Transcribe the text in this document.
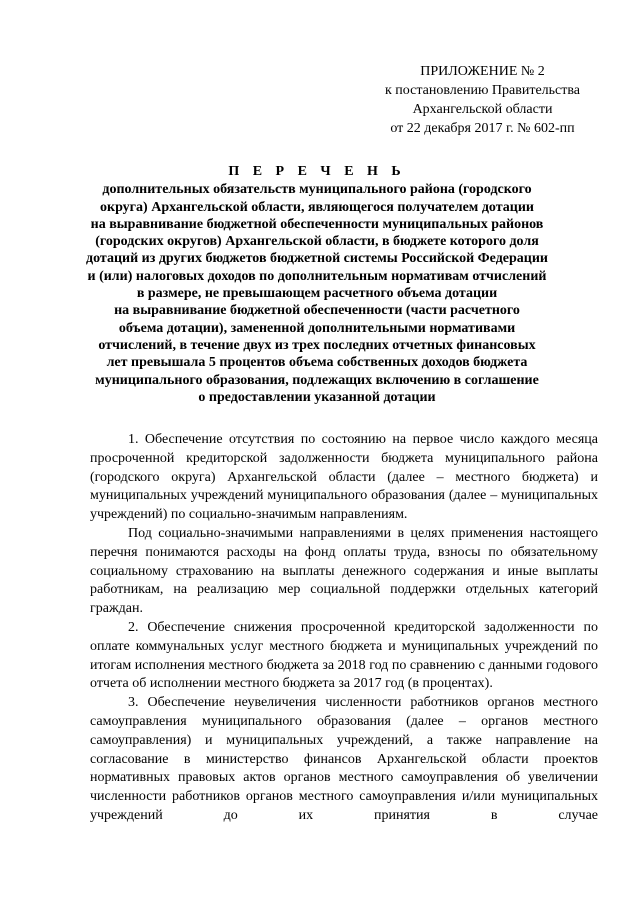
ПРИЛОЖЕНИЕ № 2
к постановлению Правительства
Архангельской области
от 22 декабря 2017 г. № 602-пп
П Е Р Е Ч Е Н Ь
дополнительных обязательств муниципального района (городского
округа) Архангельской области, являющегося получателем дотации
на выравнивание бюджетной обеспеченности муниципальных районов
(городских округов) Архангельской области, в бюджете которого доля
дотаций из других бюджетов бюджетной системы Российской Федерации
и (или) налоговых доходов по дополнительным нормативам отчислений
в размере, не превышающем расчетного объема дотации
на выравнивание бюджетной обеспеченности (части расчетного
объема дотации), замененной дополнительными нормативами
отчислений, в течение двух из трех последних отчетных финансовых
лет превышала 5 процентов объема собственных доходов бюджета
муниципального образования, подлежащих включению в соглашение
о предоставлении указанной дотации

1. Обеспечение отсутствия по состоянию на первое число каждого месяца просроченной кредиторской задолженности бюджета муниципального района (городского округа) Архангельской области (далее – местного бюджета) и муниципальных учреждений муниципального образования (далее – муниципальных учреждений) по социально-значимым направлениям.

Под социально-значимыми направлениями в целях применения настоящего перечня понимаются расходы на фонд оплаты труда, взносы по обязательному социальному страхованию на выплаты денежного содержания и иные выплаты работникам, на реализацию мер социальной поддержки отдельных категорий граждан.

2. Обеспечение снижения просроченной кредиторской задолженности по оплате коммунальных услуг местного бюджета и муниципальных учреждений по итогам исполнения местного бюджета за 2018 год по сравнению с данными годового отчета об исполнении местного бюджета за 2017 год (в процентах).

3. Обеспечение неувеличения численности работников органов местного самоуправления муниципального образования (далее – органов местного самоуправления) и муниципальных учреждений, а также направление на согласование в министерство финансов Архангельской области проектов нормативных правовых актов органов местного самоуправления об увеличении численности работников органов местного самоуправления и/или муниципальных учреждений до их принятия в случае
